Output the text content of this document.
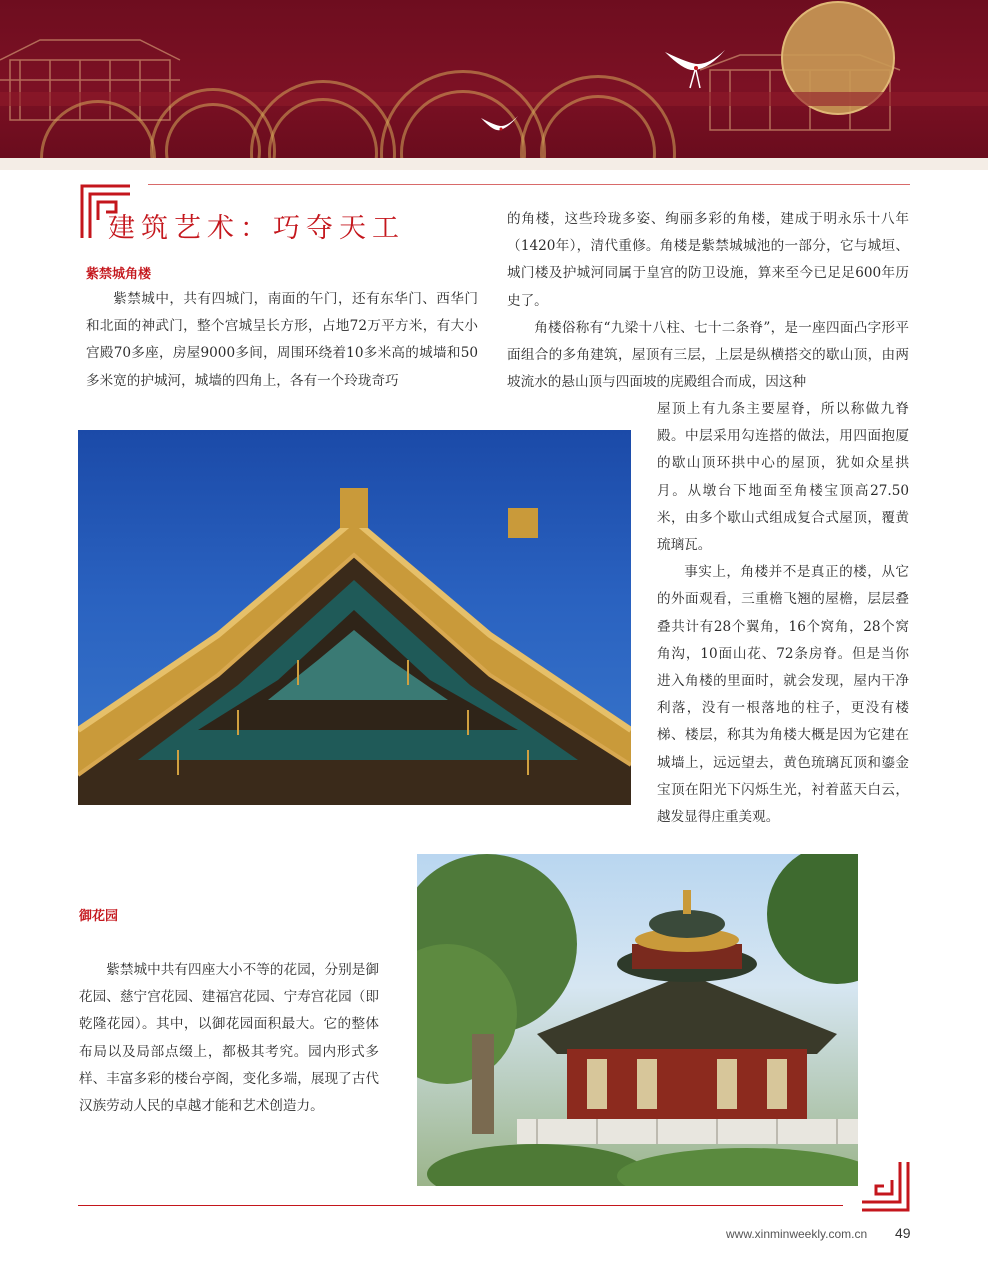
建筑艺术：巧夺天工
紫禁城角楼

紫禁城中，共有四城门，南面的午门，还有东华门、西华门和北面的神武门，整个宫城呈长方形，占地72万平方米，有大小宫殿70多座，房屋9000多间，周围环绕着10多米高的城墙和50多米宽的护城河，城墙的四角上，各有一个玲珑奇巧

的角楼，这些玲珑多姿、绚丽多彩的角楼，建成于明永乐十八年（1420年），清代重修。角楼是紫禁城城池的一部分，它与城垣、城门楼及护城河同属于皇宫的防卫设施，算来至今已足足600年历史了。

角楼俗称有“九梁十八柱、七十二条脊”，是一座四面凸字形平面组合的多角建筑，屋顶有三层，上层是纵横搭交的歇山顶，由两坡流水的悬山顶与四面坡的庑殿组合而成，因这种

屋顶上有九条主要屋脊，所以称做九脊殿。中层采用勾连搭的做法，用四面抱厦的歇山顶环拱中心的屋顶，犹如众星拱月。从墩台下地面至角楼宝顶高27.50米，由多个歇山式组成复合式屋顶，覆黄琉璃瓦。

事实上，角楼并不是真正的楼，从它的外面观看，三重檐飞翘的屋檐，层层叠叠共计有28个翼角，16个窝角，28个窝角沟，10面山花、72条房脊。但是当你进入角楼的里面时，就会发现，屋内干净利落，没有一根落地的柱子，更没有楼梯、楼层，称其为角楼大概是因为它建在城墙上，远远望去，黄色琉璃瓦顶和鎏金宝顶在阳光下闪烁生光，衬着蓝天白云，越发显得庄重美观。

御花园

紫禁城中共有四座大小不等的花园，分别是御花园、慈宁宫花园、建福宫花园、宁寿宫花园（即乾隆花园）。其中，以御花园面积最大。它的整体布局以及局部点缀上，都极其考究。园内形式多样、丰富多彩的楼台亭阁，变化多端，展现了古代汉族劳动人民的卓越才能和艺术创造力。

www.xinminweekly.com.cn 49
